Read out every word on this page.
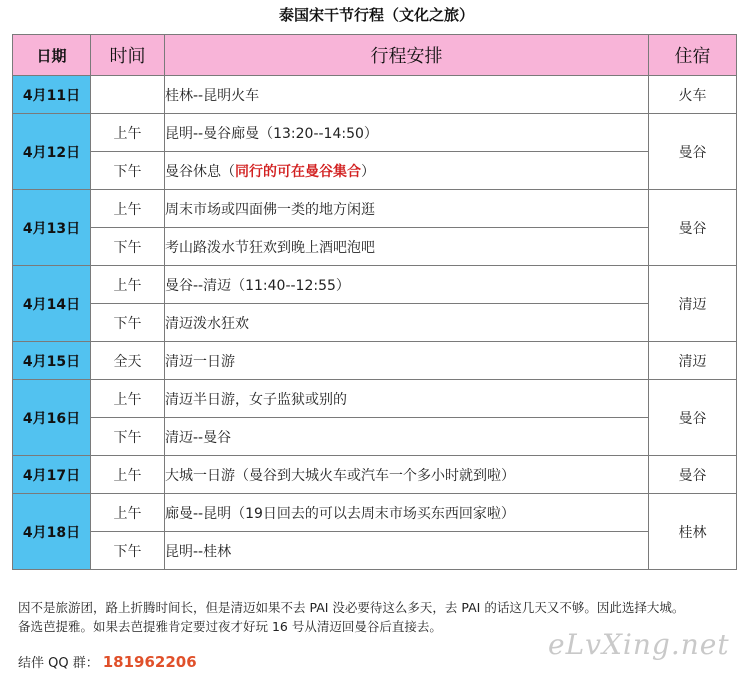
泰国宋干节行程（文化之旅）
日期	时间	行程安排	住宿
4月11日		桂林--昆明火车	火车
4月12日	上午	昆明--曼谷廊曼（13:20--14:50）	曼谷
	下午	曼谷休息（同行的可在曼谷集合）	
4月13日	上午	周末市场或四面佛一类的地方闲逛	曼谷
	下午	考山路泼水节狂欢到晚上酒吧泡吧	
4月14日	上午	曼谷--清迈（11:40--12:55）	清迈
	下午	清迈泼水狂欢	
4月15日	全天	清迈一日游	清迈
4月16日	上午	清迈半日游，女子监狱或别的	曼谷
	下午	清迈--曼谷	
4月17日	上午	大城一日游（曼谷到大城火车或汽车一个多小时就到啦）	曼谷
4月18日	上午	廊曼--昆明（19日回去的可以去周末市场买东西回家啦）	桂林
	下午	昆明--桂林	
因不是旅游团，路上折腾时间长，但是清迈如果不去 PAI 没必要待这么多天，去 PAI 的话这几天又不够。因此选择大城。
备选芭提雅。如果去芭提雅肯定要过夜才好玩 16 号从清迈回曼谷后直接去。
结伴 QQ 群： 181962206
eLvXing.net
